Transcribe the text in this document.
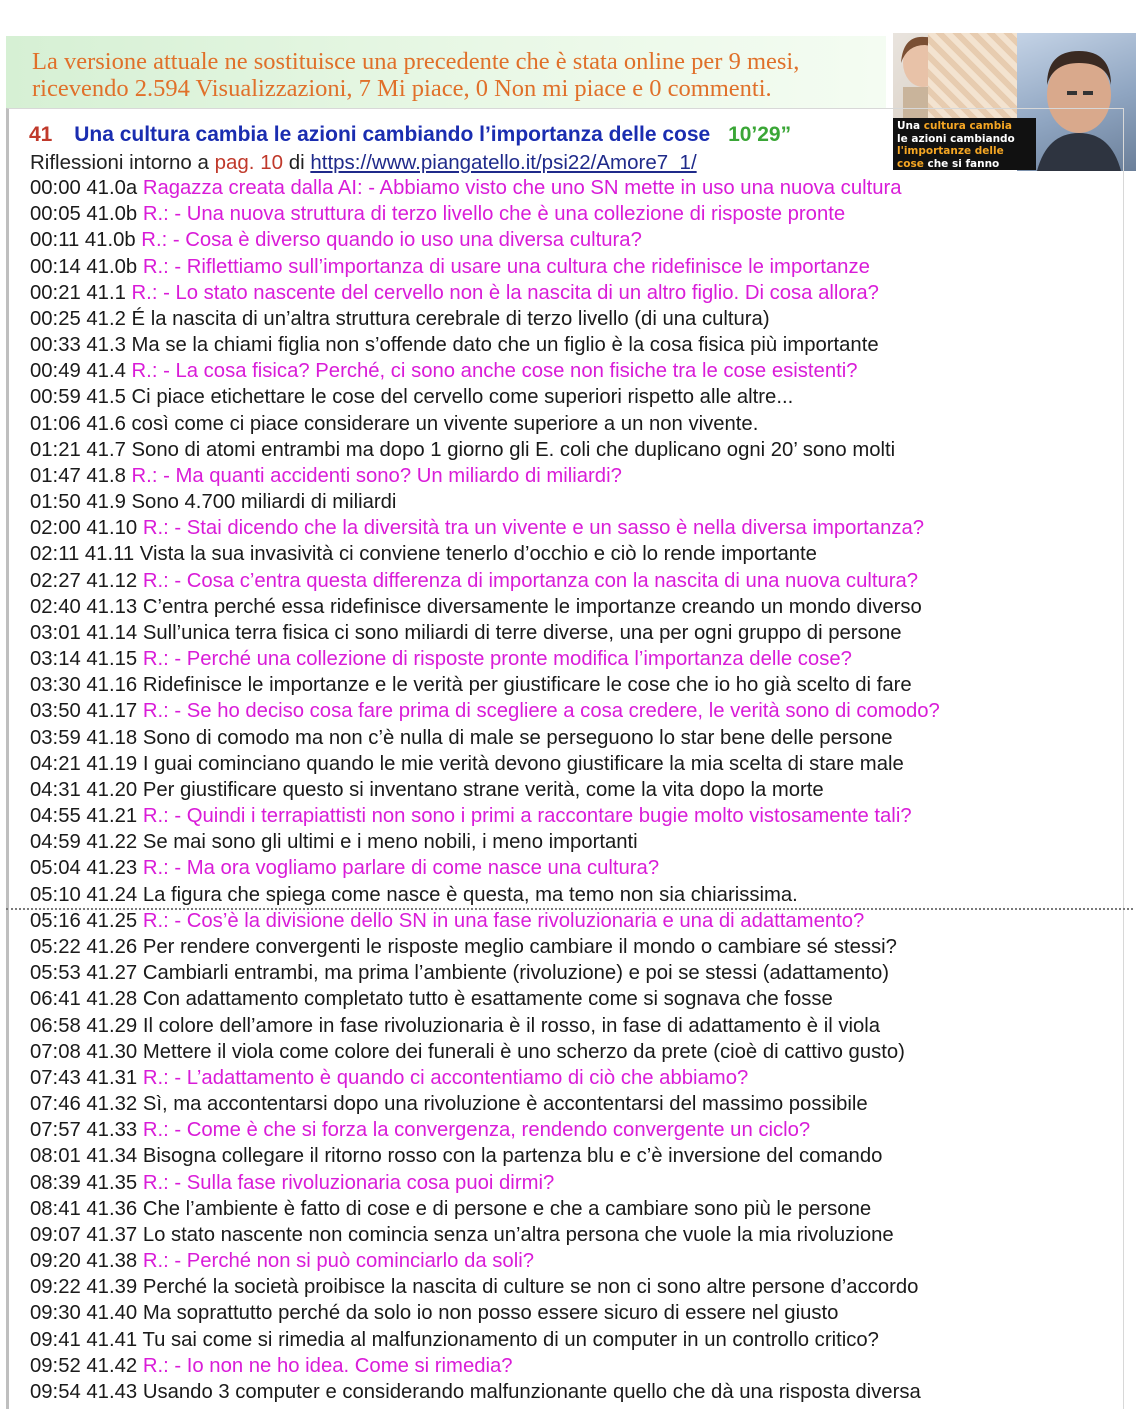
La versione attuale ne sostituisce una precedente che è stata online per 9 mesi,
ricevendo 2.594 Visualizzazioni, 7 Mi piace, 0 Non mi piace e 0 commenti.
Una cultura cambia
le azioni cambiando
l'importanze delle
cose che si fanno
41 Una cultura cambia le azioni cambiando l’importanza delle cose 10’29”
Riflessioni intorno a pag. 10 di https://www.piangatello.it/psi22/Amore7_1/
00:00 41.0a Ragazza creata dalla AI: - Abbiamo visto che uno SN mette in uso una nuova cultura
00:05 41.0b R.: - Una nuova struttura di terzo livello che è una collezione di risposte pronte
00:11 41.0b R.: - Cosa è diverso quando io uso una diversa cultura?
00:14 41.0b R.: - Riflettiamo sull’importanza di usare una cultura che ridefinisce le importanze
00:21 41.1 R.: - Lo stato nascente del cervello non è la nascita di un altro figlio. Di cosa allora?
00:25 41.2 É la nascita di un’altra struttura cerebrale di terzo livello (di una cultura)
00:33 41.3 Ma se la chiami figlia non s’offende dato che un figlio è la cosa fisica più importante
00:49 41.4 R.: - La cosa fisica? Perché, ci sono anche cose non fisiche tra le cose esistenti?
00:59 41.5 Ci piace etichettare le cose del cervello come superiori rispetto alle altre...
01:06 41.6 così come ci piace considerare un vivente superiore a un non vivente.
01:21 41.7 Sono di atomi entrambi ma dopo 1 giorno gli E. coli che duplicano ogni 20’ sono molti
01:47 41.8 R.: - Ma quanti accidenti sono? Un miliardo di miliardi?
01:50 41.9 Sono 4.700 miliardi di miliardi
02:00 41.10 R.: - Stai dicendo che la diversità tra un vivente e un sasso è nella diversa importanza?
02:11 41.11 Vista la sua invasività ci conviene tenerlo d’occhio e ciò lo rende importante
02:27 41.12 R.: - Cosa c’entra questa differenza di importanza con la nascita di una nuova cultura?
02:40 41.13 C’entra perché essa ridefinisce diversamente le importanze creando un mondo diverso
03:01 41.14 Sull’unica terra fisica ci sono miliardi di terre diverse, una per ogni gruppo di persone
03:14 41.15 R.: - Perché una collezione di risposte pronte modifica l’importanza delle cose?
03:30 41.16 Ridefinisce le importanze e le verità per giustificare le cose che io ho già scelto di fare
03:50 41.17 R.: - Se ho deciso cosa fare prima di scegliere a cosa credere, le verità sono di comodo?
03:59 41.18 Sono di comodo ma non c’è nulla di male se perseguono lo star bene delle persone
04:21 41.19 I guai cominciano quando le mie verità devono giustificare la mia scelta di stare male
04:31 41.20 Per giustificare questo si inventano strane verità, come la vita dopo la morte
04:55 41.21 R.: - Quindi i terrapiattisti non sono i primi a raccontare bugie molto vistosamente tali?
04:59 41.22 Se mai sono gli ultimi e i meno nobili, i meno importanti
05:04 41.23 R.: - Ma ora vogliamo parlare di come nasce una cultura?
05:10 41.24 La figura che spiega come nasce è questa, ma temo non sia chiarissima.
05:16 41.25 R.: - Cos’è la divisione dello SN in una fase rivoluzionaria e una di adattamento?
05:22 41.26 Per rendere convergenti le risposte meglio cambiare il mondo o cambiare sé stessi?
05:53 41.27 Cambiarli entrambi, ma prima l’ambiente (rivoluzione) e poi se stessi (adattamento)
06:41 41.28 Con adattamento completato tutto è esattamente come si sognava che fosse
06:58 41.29 Il colore dell’amore in fase rivoluzionaria è il rosso, in fase di adattamento è il viola
07:08 41.30 Mettere il viola come colore dei funerali è uno scherzo da prete (cioè di cattivo gusto)
07:43 41.31 R.: - L’adattamento è quando ci accontentiamo di ciò che abbiamo?
07:46 41.32 Sì, ma accontentarsi dopo una rivoluzione è accontentarsi del massimo possibile
07:57 41.33 R.: - Come è che si forza la convergenza, rendendo convergente un ciclo?
08:01 41.34 Bisogna collegare il ritorno rosso con la partenza blu e c’è inversione del comando
08:39 41.35 R.: - Sulla fase rivoluzionaria cosa puoi dirmi?
08:41 41.36 Che l’ambiente è fatto di cose e di persone e che a cambiare sono più le persone
09:07 41.37 Lo stato nascente non comincia senza un’altra persona che vuole la mia rivoluzione
09:20 41.38 R.: - Perché non si può cominciarlo da soli?
09:22 41.39 Perché la società proibisce la nascita di culture se non ci sono altre persone d’accordo
09:30 41.40 Ma soprattutto perché da solo io non posso essere sicuro di essere nel giusto
09:41 41.41 Tu sai come si rimedia al malfunzionamento di un computer in un controllo critico?
09:52 41.42 R.: - Io non ne ho idea. Come si rimedia?
09:54 41.43 Usando 3 computer e considerando malfunzionante quello che dà una risposta diversa
